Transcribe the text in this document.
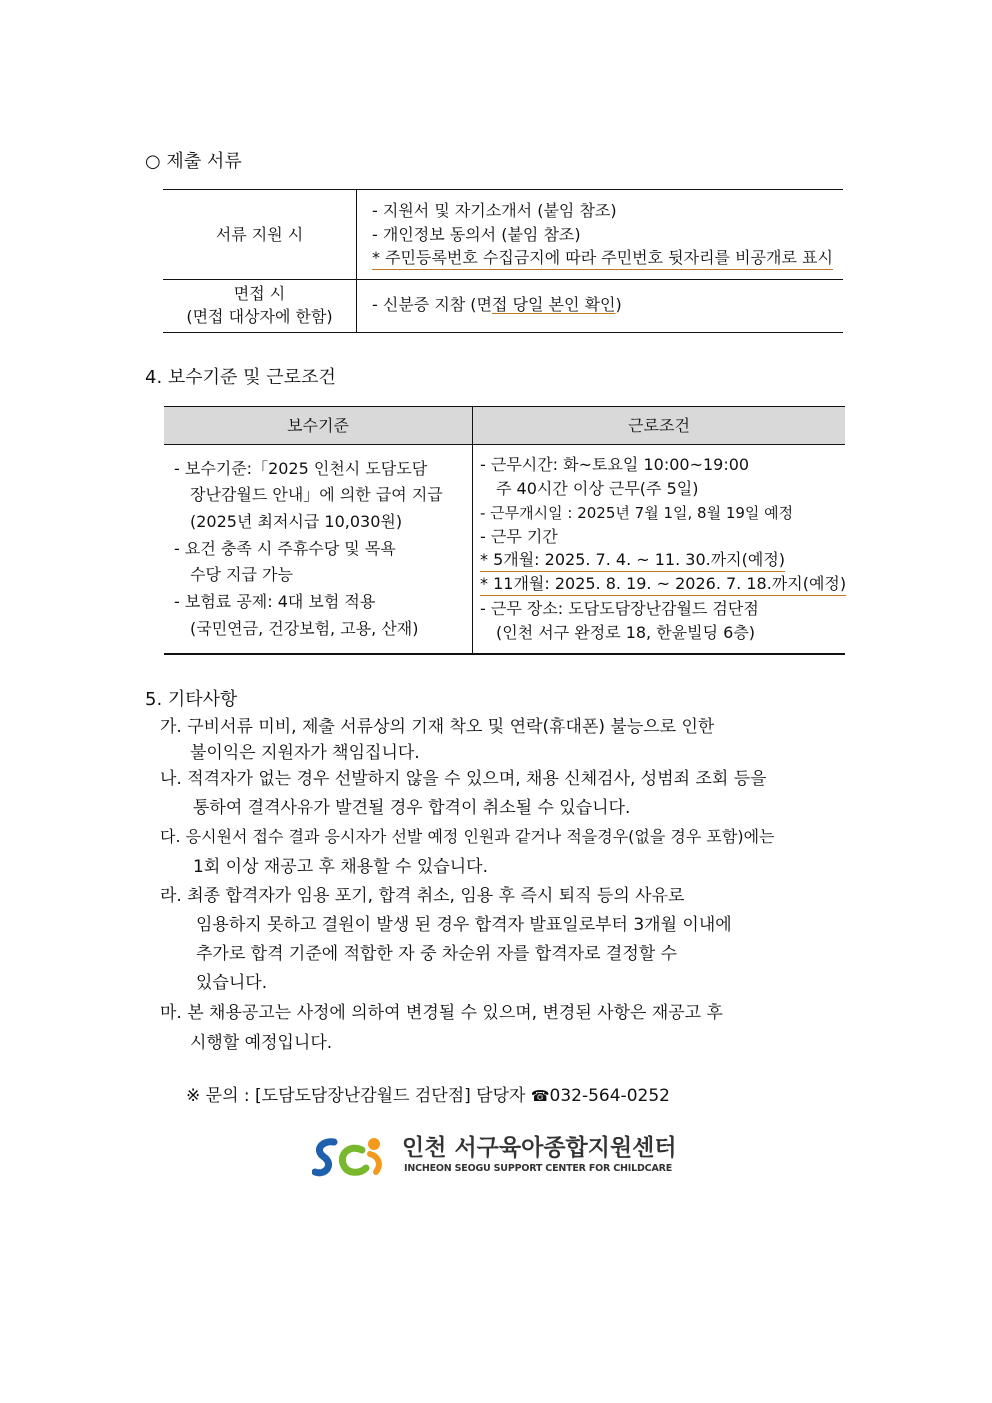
○ 제출 서류
서류 지원 시
- 지원서 및 자기소개서 (붙임 참조)
- 개인정보 동의서 (붙임 참조)
* 주민등록번호 수집금지에 따라 주민번호 뒷자리를 비공개로 표시
면접 시
(면접 대상자에 한함)
- 신분증 지참 (면접 당일 본인 확인)
4. 보수기준 및 근로조건
보수기준	근로조건
- 보수기준:「2025 인천시 도담도담
장난감월드 안내」에 의한 급여 지급
(2025년 최저시급 10,030원)
- 요건 충족 시 주휴수당 및 목욕
수당 지급 가능
- 보험료 공제: 4대 보험 적용
(국민연금, 건강보험, 고용, 산재)
- 근무시간: 화~토요일 10:00~19:00
주 40시간 이상 근무(주 5일)
- 근무개시일 : 2025년 7월 1일, 8월 19일 예정
- 근무 기간
* 5개월: 2025. 7. 4. ~ 11. 30.까지(예정)
* 11개월: 2025. 8. 19. ~ 2026. 7. 18.까지(예정)
- 근무 장소: 도담도담장난감월드 검단점
(인천 서구 완정로 18, 한윤빌딩 6층)
5. 기타사항
가. 구비서류 미비, 제출 서류상의 기재 착오 및 연락(휴대폰) 불능으로 인한
불이익은 지원자가 책임집니다.
나. 적격자가 없는 경우 선발하지 않을 수 있으며, 채용 신체검사, 성범죄 조회 등을
통하여 결격사유가 발견될 경우 합격이 취소될 수 있습니다.
다. 응시원서 접수 결과 응시자가 선발 예정 인원과 같거나 적을경우(없을 경우 포함)에는
1회 이상 재공고 후 채용할 수 있습니다.
라. 최종 합격자가 임용 포기, 합격 취소, 임용 후 즉시 퇴직 등의 사유로
임용하지 못하고 결원이 발생 된 경우 합격자 발표일로부터 3개월 이내에
추가로 합격 기준에 적합한 자 중 차순위 자를 합격자로 결정할 수
있습니다.
마. 본 채용공고는 사정에 의하여 변경될 수 있으며, 변경된 사항은 재공고 후
시행할 예정입니다.
※ 문의 : [도담도담장난감월드 검단점] 담당자 ☎032-564-0252
인천 서구육아종합지원센터
INCHEON SEOGU SUPPORT CENTER FOR CHILDCARE
